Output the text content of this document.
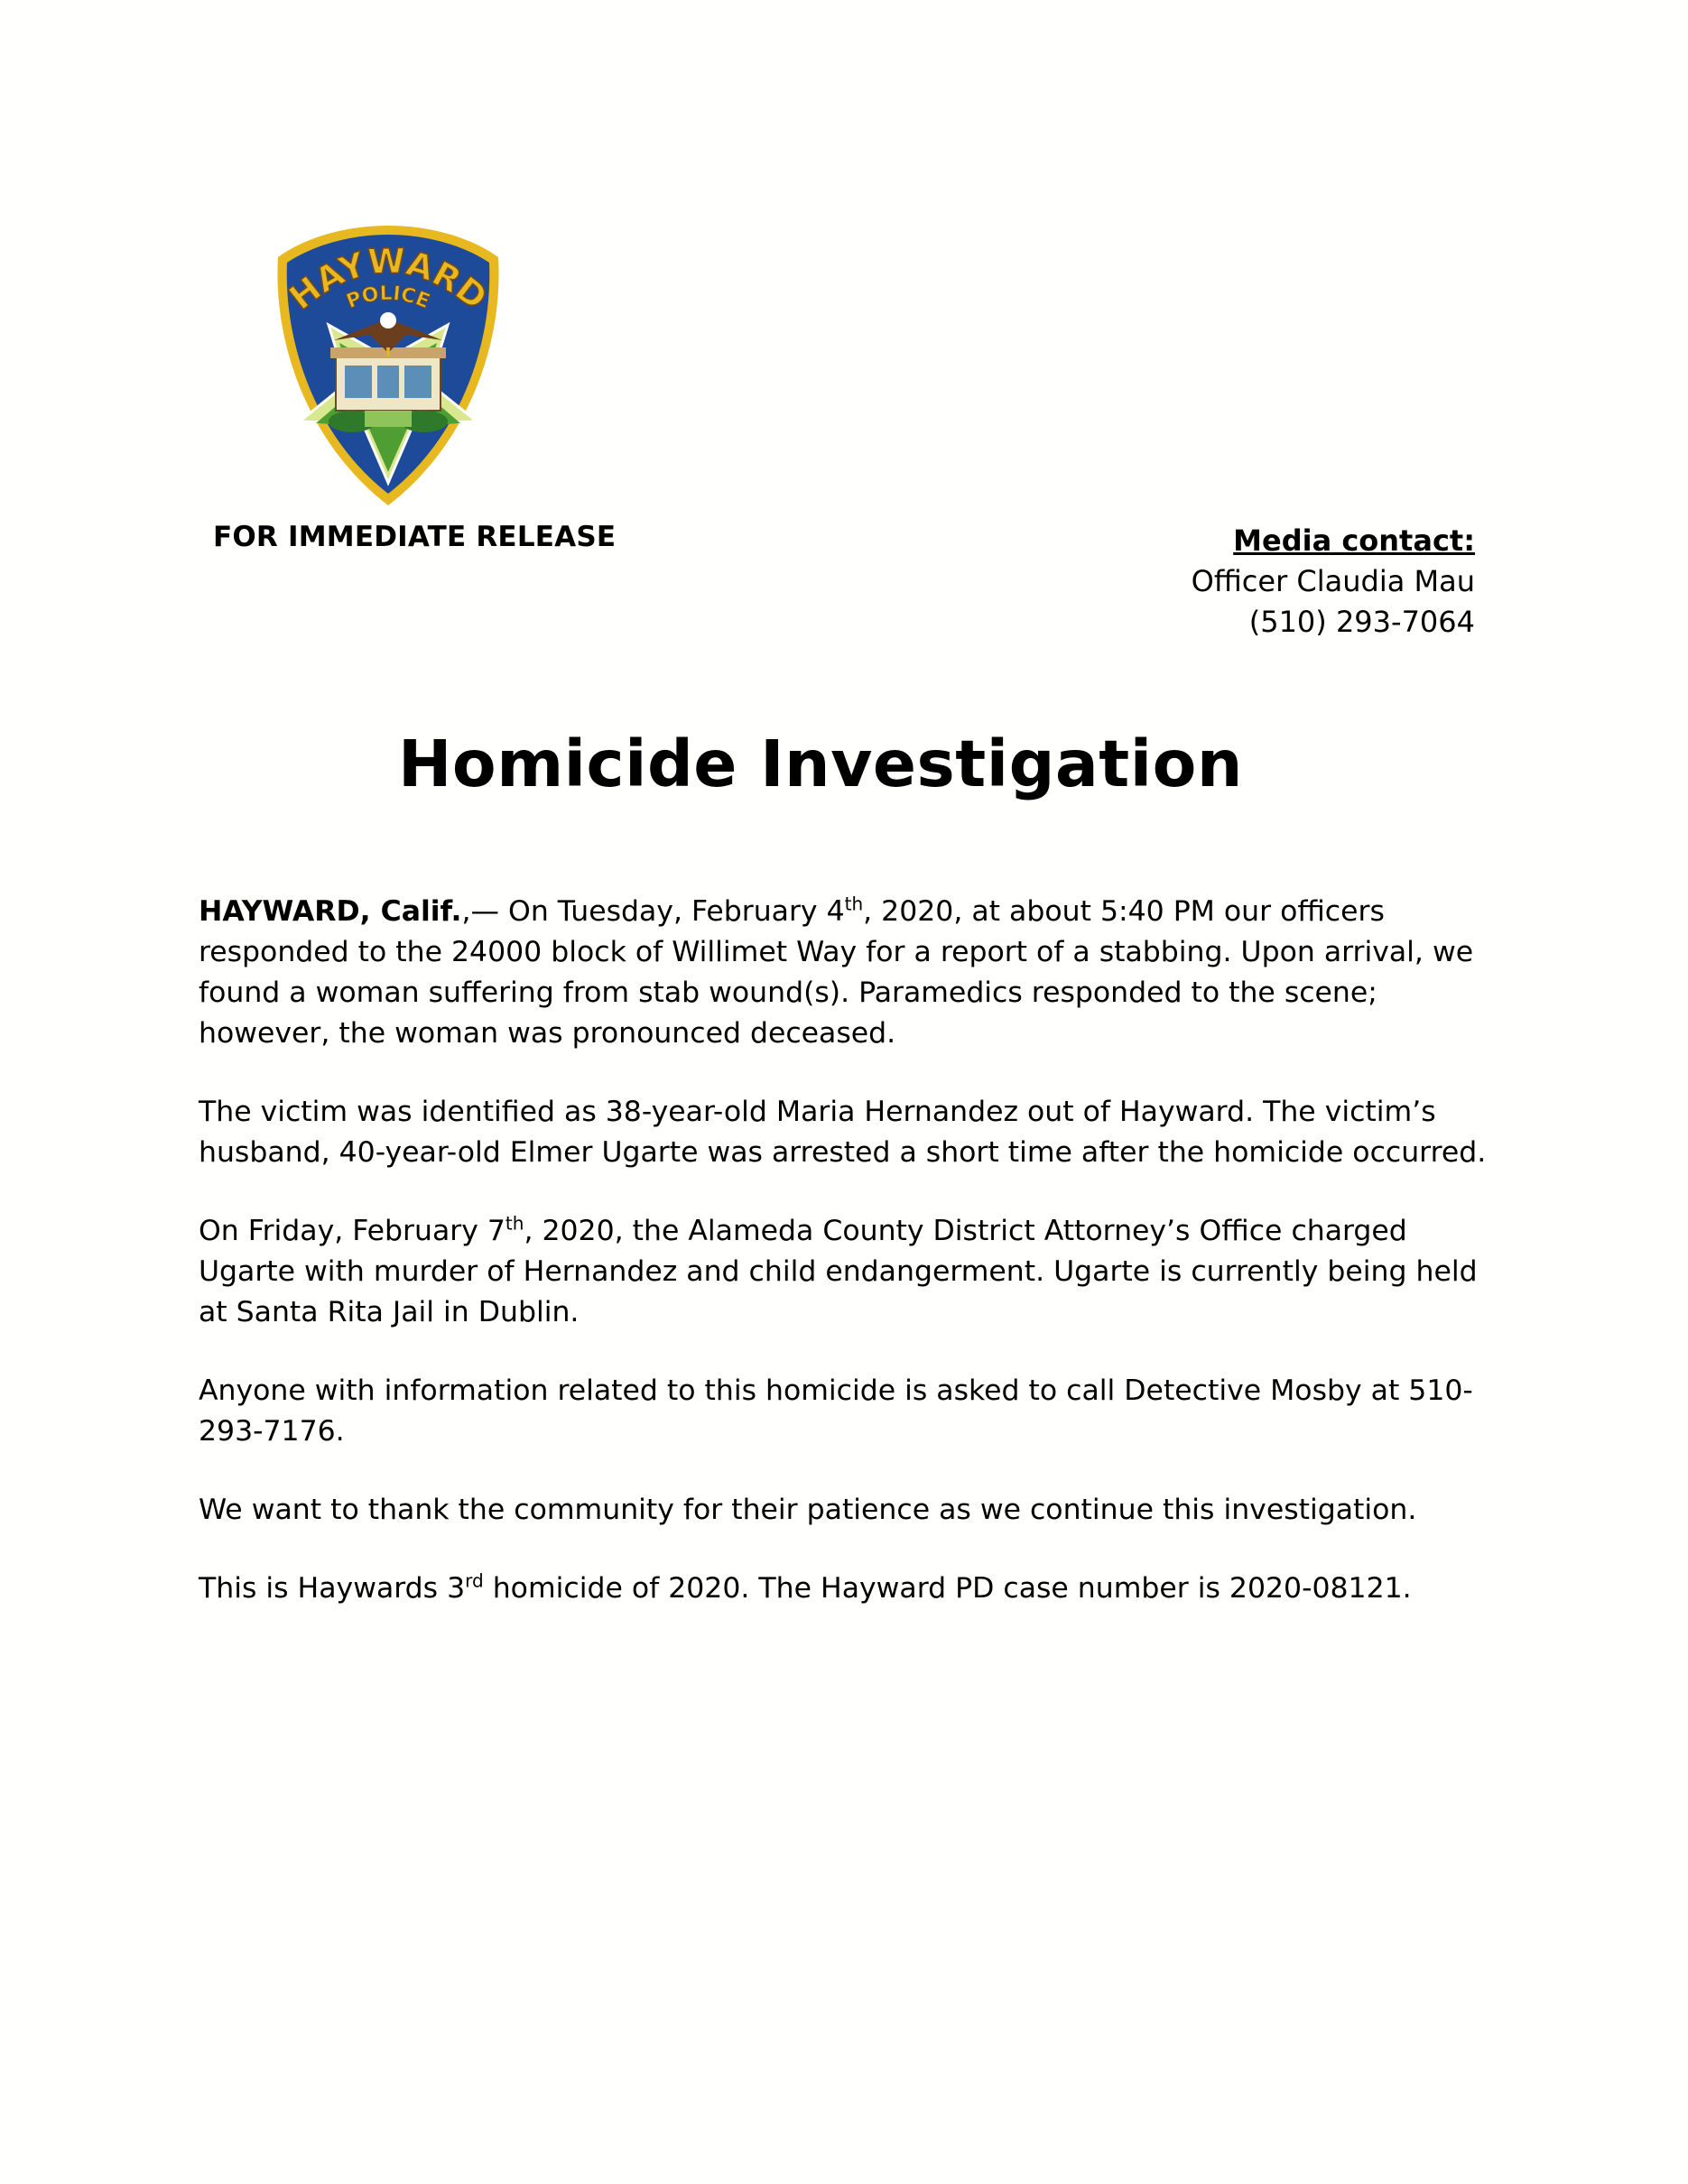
HAYWARD
POLICE
FOR IMMEDIATE RELEASE	Media contact:
Officer Claudia Mau
(510) 293-7064
Homicide Investigation

HAYWARD, Calif.,— On Tuesday, February 4th, 2020, at about 5:40 PM our officers responded to the 24000 block of Willimet Way for a report of a stabbing. Upon arrival, we found a woman suffering from stab wound(s). Paramedics responded to the scene; however, the woman was pronounced deceased.

The victim was identified as 38-year-old Maria Hernandez out of Hayward. The victim’s husband, 40-year-old Elmer Ugarte was arrested a short time after the homicide occurred.

On Friday, February 7th, 2020, the Alameda County District Attorney’s Office charged Ugarte with murder of Hernandez and child endangerment. Ugarte is currently being held at Santa Rita Jail in Dublin.

Anyone with information related to this homicide is asked to call Detective Mosby at 510-293-7176.

We want to thank the community for their patience as we continue this investigation.

This is Haywards 3rd homicide of 2020. The Hayward PD case number is 2020-08121.
